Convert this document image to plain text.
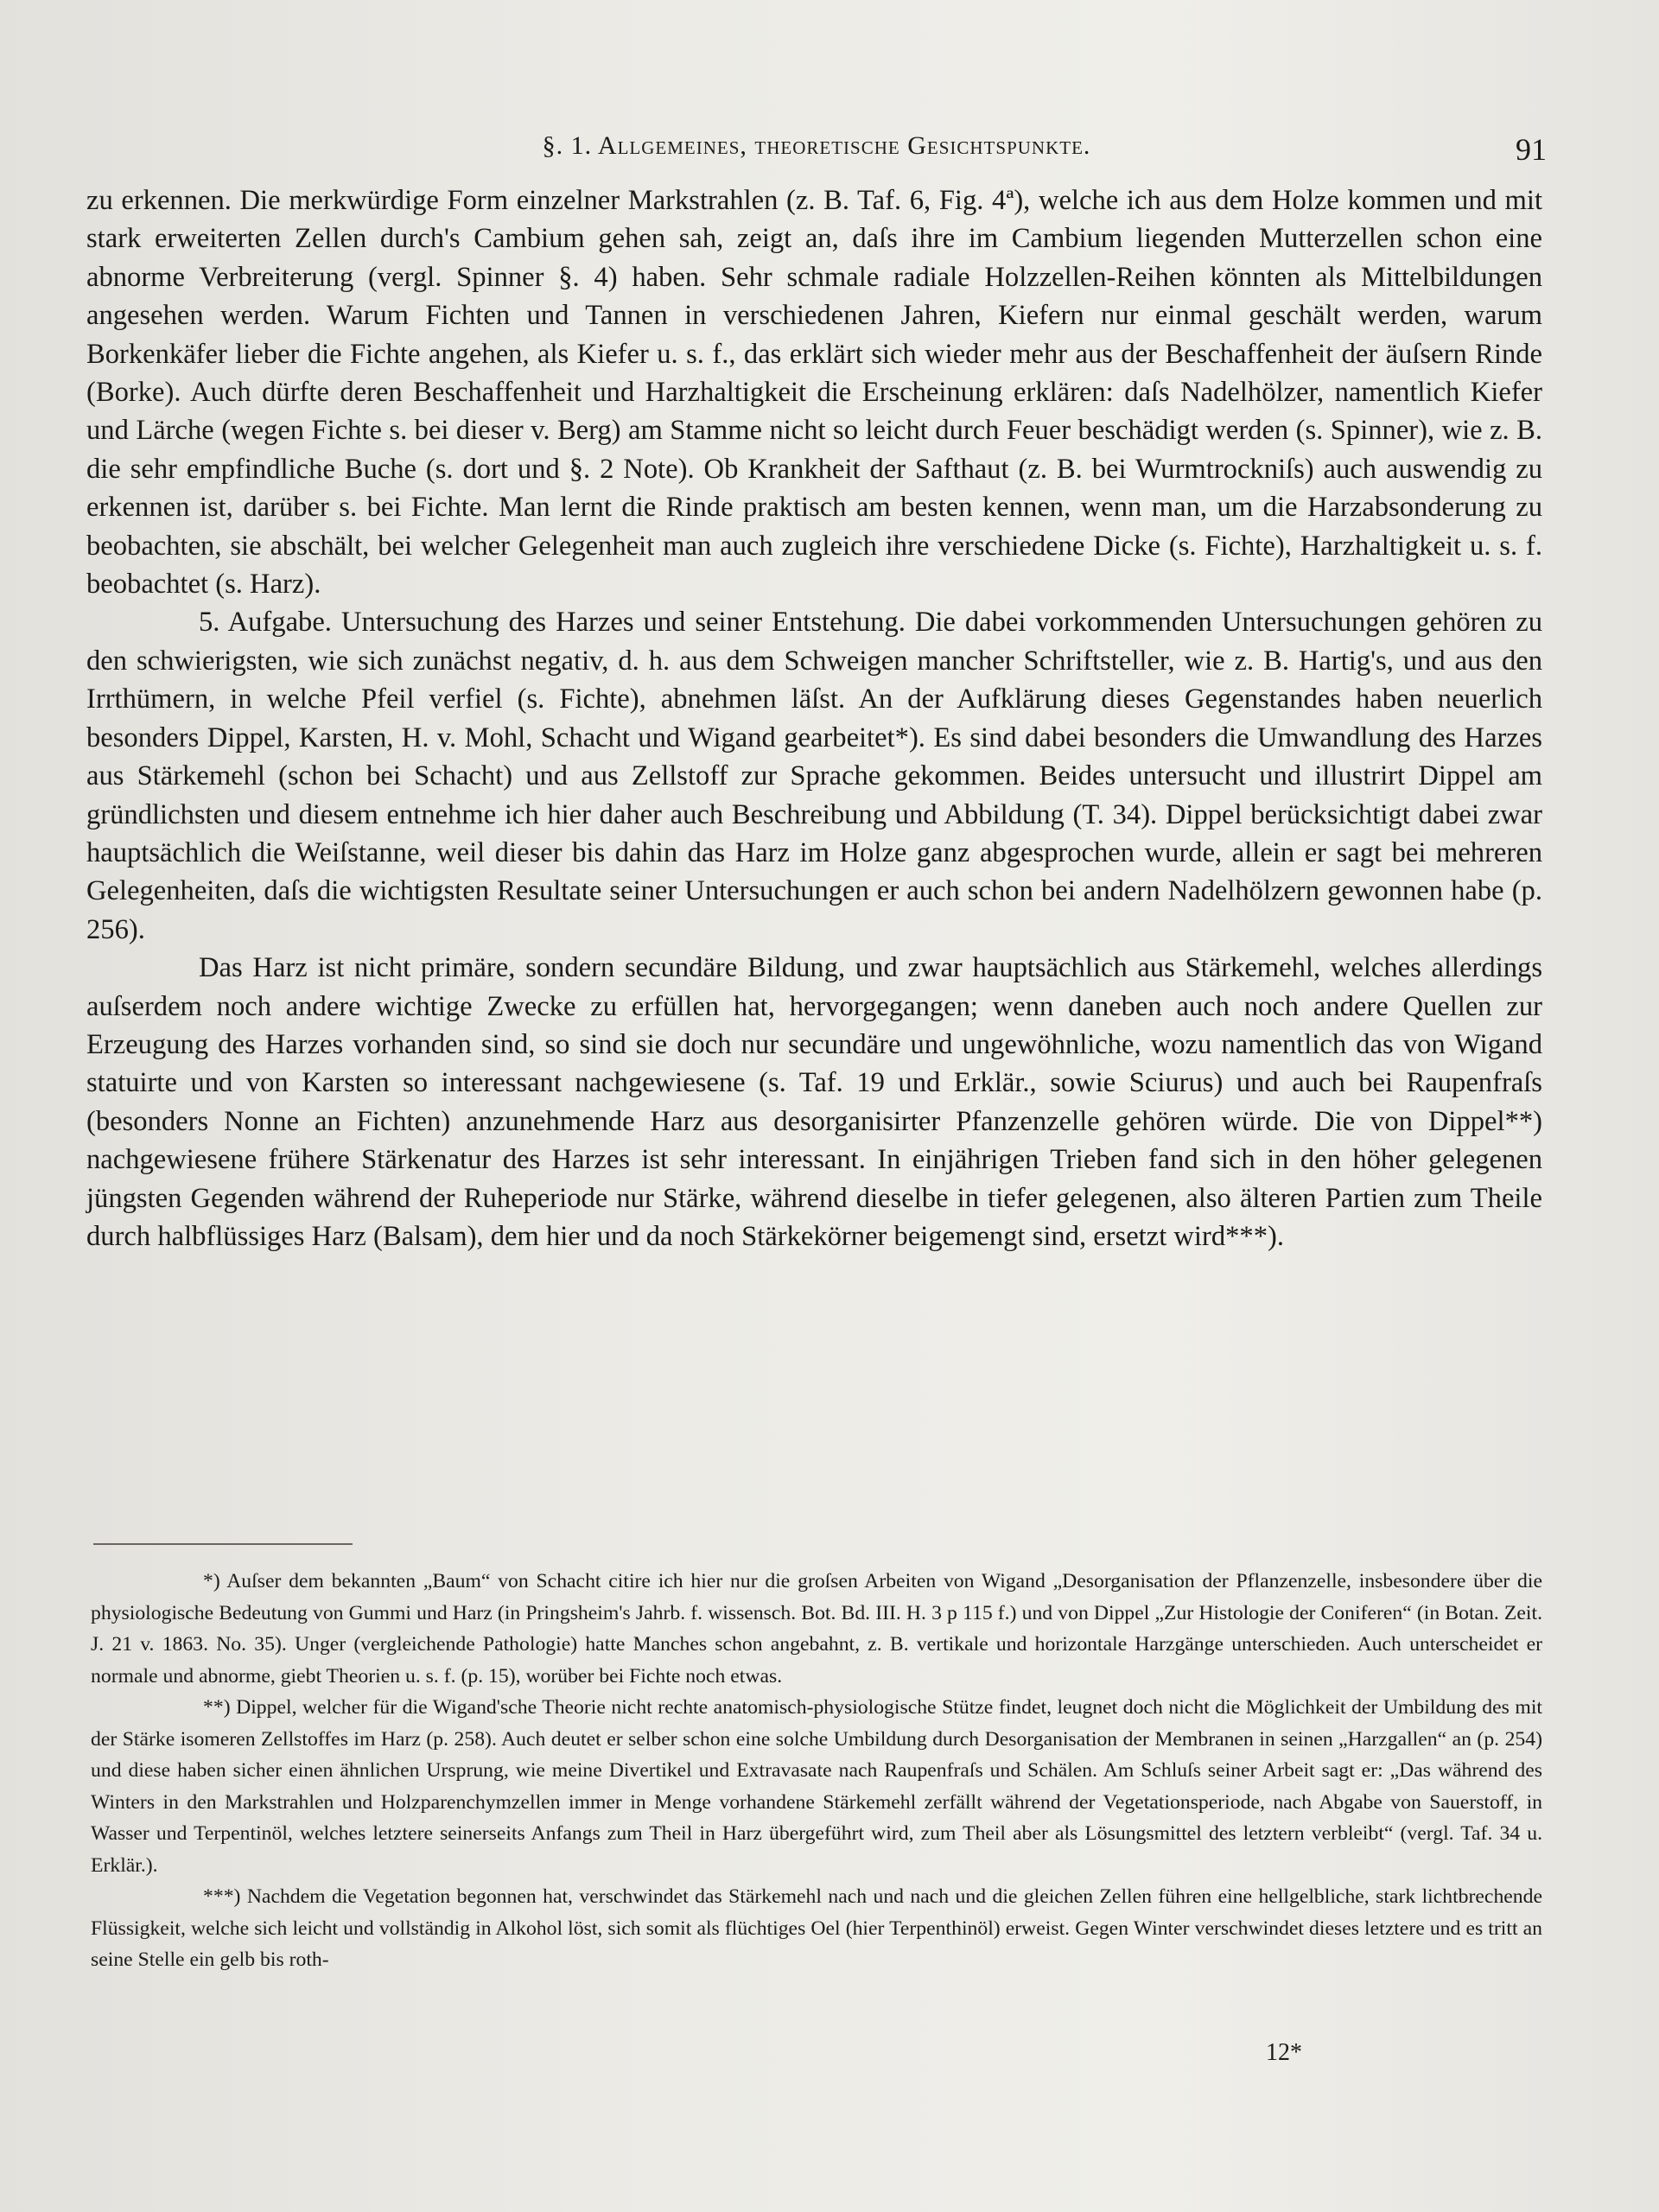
§. 1. Allgemeines, theoretische Gesichtspunkte.	91

zu erkennen. Die merkwürdige Form einzelner Markstrahlen (z. B. Taf. 6, Fig. 4ª), welche ich aus dem Holze kommen und mit stark erweiterten Zellen durch's Cambium gehen sah, zeigt an, daſs ihre im Cambium liegenden Mutterzellen schon eine abnorme Verbreiterung (vergl. Spinner §. 4) haben. Sehr schmale radiale Holzzellen-Reihen könnten als Mittelbildungen angesehen werden. Warum Fichten und Tannen in verschiedenen Jahren, Kiefern nur einmal geschält werden, warum Borkenkäfer lieber die Fichte angehen, als Kiefer u. s. f., das erklärt sich wieder mehr aus der Beschaffenheit der äuſsern Rinde (Borke). Auch dürfte deren Beschaffenheit und Harzhaltigkeit die Erscheinung erklären: daſs Nadelhölzer, namentlich Kiefer und Lärche (wegen Fichte s. bei dieser v. Berg) am Stamme nicht so leicht durch Feuer beschädigt werden (s. Spinner), wie z. B. die sehr empfindliche Buche (s. dort und §. 2 Note). Ob Krankheit der Safthaut (z. B. bei Wurmtrockniſs) auch auswendig zu erkennen ist, darüber s. bei Fichte. Man lernt die Rinde praktisch am besten kennen, wenn man, um die Harzabsonderung zu beobachten, sie abschält, bei welcher Gelegenheit man auch zugleich ihre verschiedene Dicke (s. Fichte), Harzhaltigkeit u. s. f. beobachtet (s. Harz).

5. Aufgabe. Untersuchung des Harzes und seiner Entstehung. Die dabei vorkommenden Untersuchungen gehören zu den schwierigsten, wie sich zunächst negativ, d. h. aus dem Schweigen mancher Schriftsteller, wie z. B. Hartig's, und aus den Irrthümern, in welche Pfeil verfiel (s. Fichte), abnehmen läſst. An der Aufklärung dieses Gegenstandes haben neuerlich besonders Dippel, Karsten, H. v. Mohl, Schacht und Wigand gearbeitet*). Es sind dabei besonders die Umwandlung des Harzes aus Stärkemehl (schon bei Schacht) und aus Zellstoff zur Sprache gekommen. Beides untersucht und illustrirt Dippel am gründlichsten und diesem entnehme ich hier daher auch Beschreibung und Abbildung (T. 34). Dippel berücksichtigt dabei zwar hauptsächlich die Weiſstanne, weil dieser bis dahin das Harz im Holze ganz abgesprochen wurde, allein er sagt bei mehreren Gelegenheiten, daſs die wichtigsten Resultate seiner Untersuchungen er auch schon bei andern Nadelhölzern gewonnen habe (p. 256).

Das Harz ist nicht primäre, sondern secundäre Bildung, und zwar hauptsächlich aus Stärkemehl, welches allerdings auſserdem noch andere wichtige Zwecke zu erfüllen hat, hervorgegangen; wenn daneben auch noch andere Quellen zur Erzeugung des Harzes vorhanden sind, so sind sie doch nur secundäre und ungewöhnliche, wozu namentlich das von Wigand statuirte und von Karsten so interessant nachgewiesene (s. Taf. 19 und Erklär., sowie Sciurus) und auch bei Raupenfraſs (besonders Nonne an Fichten) anzunehmende Harz aus desorganisirter Pfanzenzelle gehören würde. Die von Dippel**) nachgewiesene frühere Stärkenatur des Harzes ist sehr interessant. In einjährigen Trieben fand sich in den höher gelegenen jüngsten Gegenden während der Ruheperiode nur Stärke, während dieselbe in tiefer gelegenen, also älteren Partien zum Theile durch halbflüssiges Harz (Balsam), dem hier und da noch Stärkekörner beigemengt sind, ersetzt wird***).

*) Auſser dem bekannten „Baum“ von Schacht citire ich hier nur die groſsen Arbeiten von Wigand „Desorganisation der Pflanzenzelle, insbesondere über die physiologische Bedeutung von Gummi und Harz (in Pringsheim's Jahrb. f. wissensch. Bot. Bd. III. H. 3 p 115 f.) und von Dippel „Zur Histologie der Coniferen“ (in Botan. Zeit. J. 21 v. 1863. No. 35). Unger (vergleichende Pathologie) hatte Manches schon angebahnt, z. B. vertikale und horizontale Harzgänge unterschieden. Auch unterscheidet er normale und abnorme, giebt Theorien u. s. f. (p. 15), worüber bei Fichte noch etwas.

**) Dippel, welcher für die Wigand'sche Theorie nicht rechte anatomisch-physiologische Stütze findet, leugnet doch nicht die Möglichkeit der Umbildung des mit der Stärke isomeren Zellstoffes im Harz (p. 258). Auch deutet er selber schon eine solche Umbildung durch Desorganisation der Membranen in seinen „Harzgallen“ an (p. 254) und diese haben sicher einen ähnlichen Ursprung, wie meine Divertikel und Extravasate nach Raupenfraſs und Schälen. Am Schluſs seiner Arbeit sagt er: „Das während des Winters in den Markstrahlen und Holzparenchymzellen immer in Menge vorhandene Stärkemehl zerfällt während der Vegetationsperiode, nach Abgabe von Sauerstoff, in Wasser und Terpentinöl, welches letztere seinerseits Anfangs zum Theil in Harz übergeführt wird, zum Theil aber als Lösungsmittel des letztern verbleibt“ (vergl. Taf. 34 u. Erklär.).

***) Nachdem die Vegetation begonnen hat, verschwindet das Stärkemehl nach und nach und die gleichen Zellen führen eine hellgelbliche, stark lichtbrechende Flüssigkeit, welche sich leicht und vollständig in Alkohol löst, sich somit als flüchtiges Oel (hier Terpenthinöl) erweist. Gegen Winter verschwindet dieses letztere und es tritt an seine Stelle ein gelb bis roth-

12*
